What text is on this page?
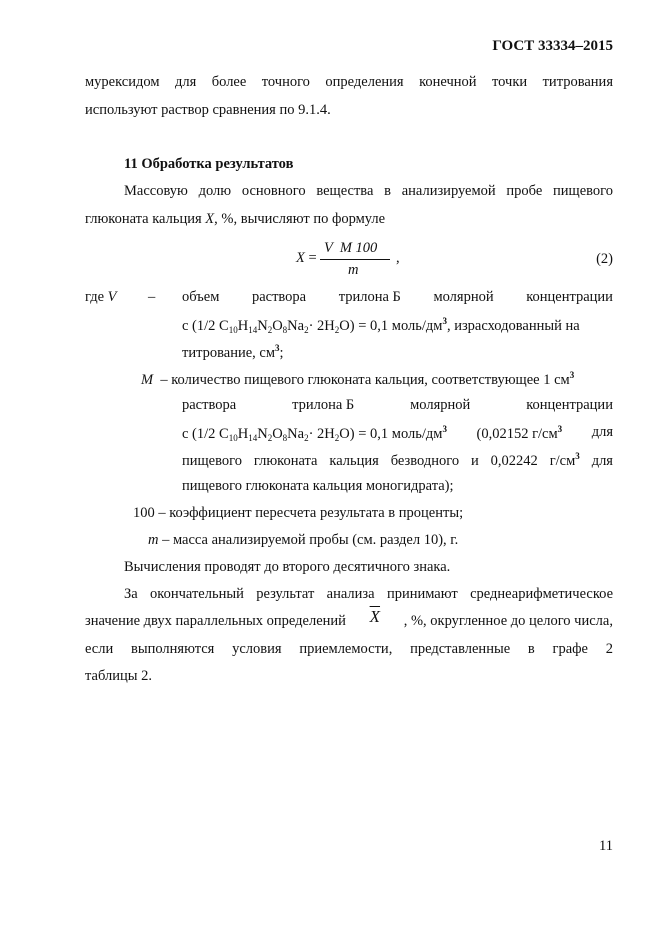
ГОСТ 33334–2015
мурексидом для более точного определения конечной точки титрования
используют раствор сравнения по 9.1.4.
11 Обработка результатов
Массовую долю основного вещества в анализируемой пробе пищевого
глюконата кальция X, %, вычисляют по формуле
X =
V  M 100
m
,	(2)
где V – объем раствора трилона Б молярной концентрации
c (1/2 $C_{10}H_{14}N_2O_8Na_2\cdot 2H_2O) = 0,1$ моль/$дм^3$, израсходованный на
титрование, $см^3$;
M – количество пищевого глюконата кальция, соответствующее 1 $см^3$
раствора	трилона Б	молярной	концентрации
c (1/2 $C_{10}H_{14}N_2O_8Na_2\cdot 2H_2O) = 0,1$ моль/$дм^3$ (0,02152 $г/см^3$ для
пищевого глюконата кальция безводного и 0,02242 $г/см^3$ для
пищевого глюконата кальция моногидрата);
100 – коэффициент пересчета результата в проценты;
m – масса анализируемой пробы (см. раздел 10), г.
Вычисления проводят до второго десятичного знака.
За окончательный результат анализа принимают среднеарифметическое
значение двух параллельных определений $\overline{X}$ , %, округленное до целого числа,
если выполняются условия приемлемости, представленные в графе 2
таблицы 2.
11
